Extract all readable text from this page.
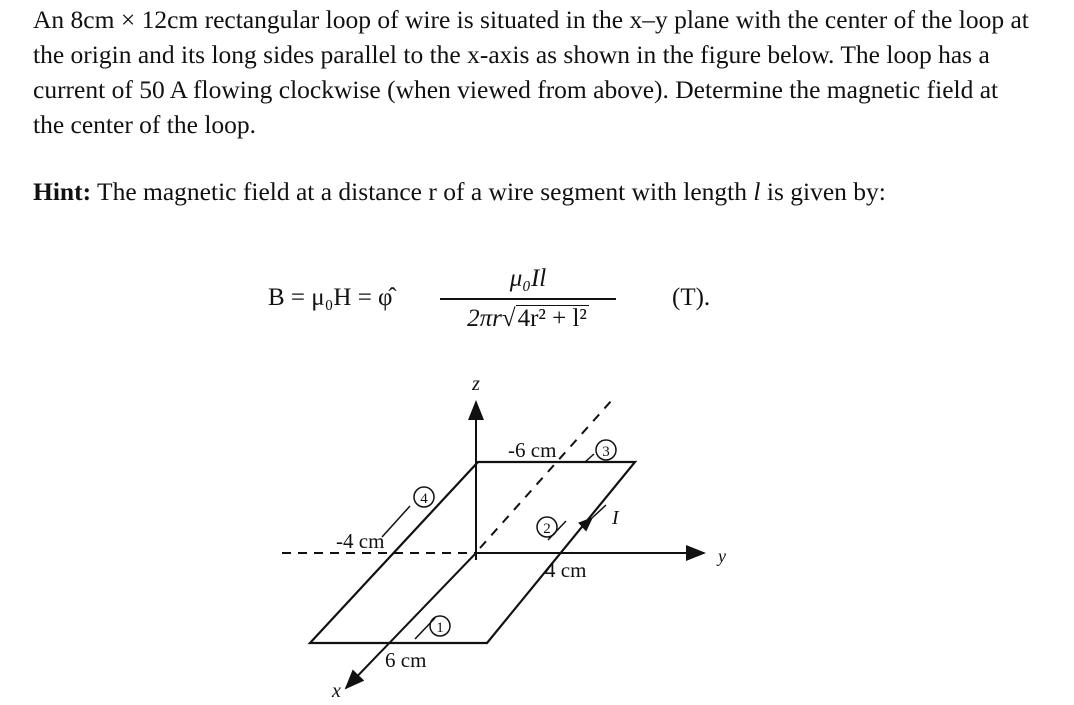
An 8cm × 12cm rectangular loop of wire is situated in the x–y plane with the center of the loop at the origin and its long sides parallel to the x-axis as shown in the figure below. The loop has a current of 50 A flowing clockwise (when viewed from above). Determine the magnetic field at the center of the loop.

Hint: The magnetic field at a distance r of a wire segment with length l is given by:

B = μ₀H = φ̂
μ₀Il
2πr√4r² + l²
(T).
4
2
3
1
z
y
x
-6 cm
-4 cm
4 cm
6 cm
I
